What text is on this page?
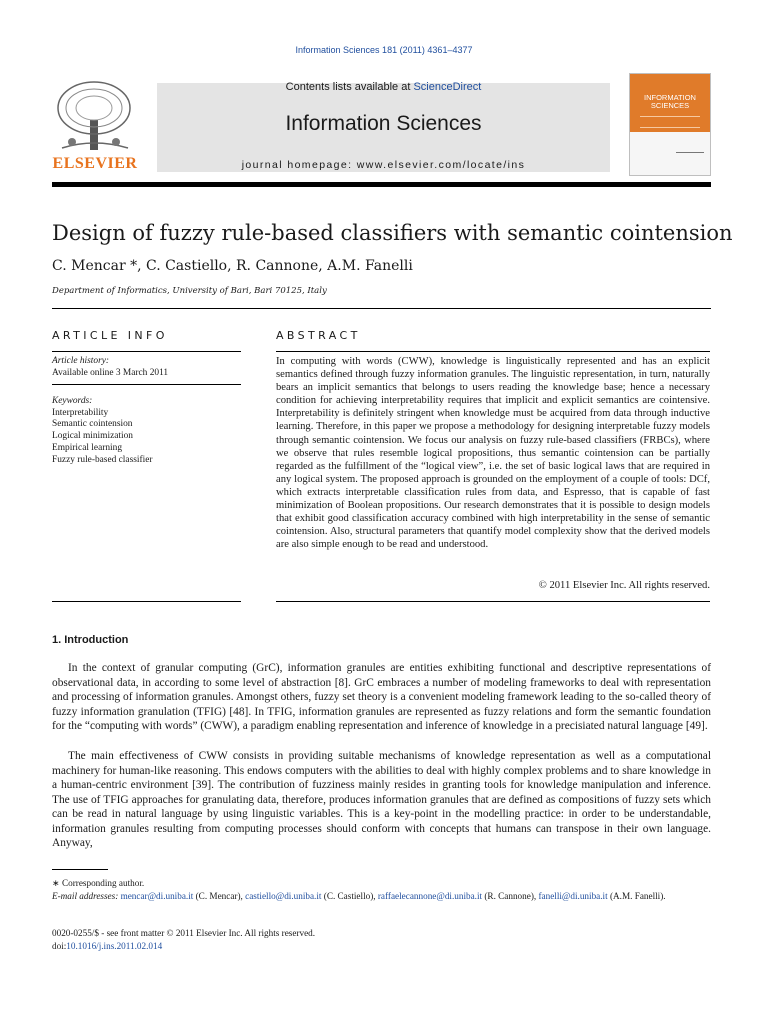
Information Sciences 181 (2011) 4361–4377
ELSEVIER
Contents lists available at ScienceDirect
Information Sciences
journal homepage: www.elsevier.com/locate/ins
INFORMATION SCIENCES
Design of fuzzy rule-based classifiers with semantic cointension
C. Mencar *, C. Castiello, R. Cannone, A.M. Fanelli
Department of Informatics, University of Bari, Bari 70125, Italy
ARTICLE INFO
Article history:
Available online 3 March 2011
Keywords:
Interpretability
Semantic cointension
Logical minimization
Empirical learning
Fuzzy rule-based classifier
ABSTRACT
In computing with words (CWW), knowledge is linguistically represented and has an explicit semantics defined through fuzzy information granules. The linguistic representation, in turn, naturally bears an implicit semantics that belongs to users reading the knowledge base; hence a necessary condition for achieving interpretability requires that implicit and explicit semantics are cointensive. Interpretability is definitely stringent when knowledge must be acquired from data through inductive learning. Therefore, in this paper we propose a methodology for designing interpretable fuzzy models through semantic cointension. We focus our analysis on fuzzy rule-based classifiers (FRBCs), where we observe that rules resemble logical propositions, thus semantic cointension can be partially regarded as the fulfillment of the “logical view”, i.e. the set of basic logical laws that are required in any logical system. The proposed approach is grounded on the employment of a couple of tools: DCf, which extracts interpretable classification rules from data, and Espresso, that is capable of fast minimization of Boolean propositions. Our research demonstrates that it is possible to design models that exhibit good classification accuracy combined with high interpretability in the sense of semantic cointension. Also, structural parameters that quantify model complexity show that the derived models are also simple enough to be read and understood.
© 2011 Elsevier Inc. All rights reserved.
1. Introduction
In the context of granular computing (GrC), information granules are entities exhibiting functional and descriptive representations of observational data, in according to some level of abstraction [8]. GrC embraces a number of modeling frameworks to deal with representation and processing of information granules. Amongst others, fuzzy set theory is a convenient modeling framework leading to the so-called theory of fuzzy information granulation (TFIG) [48]. In TFIG, information granules are represented as fuzzy relations and form the semantic foundation for the “computing with words” (CWW), a paradigm enabling representation and inference of knowledge in a precisiated natural language [49].
The main effectiveness of CWW consists in providing suitable mechanisms of knowledge representation as well as a computational machinery for human-like reasoning. This endows computers with the abilities to deal with highly complex problems and to share knowledge in a human-centric environment [39]. The contribution of fuzziness mainly resides in granting tools for knowledge manipulation and inference. The use of TFIG approaches for granulating data, therefore, produces information granules that are defined as compositions of fuzzy sets which can be read in natural language by using linguistic variables. This is a key-point in the modelling practice: in order to be understandable, information granules resulting from computing processes should conform with concepts that humans can transpose in their own language. Anyway,
∗ Corresponding author.
E-mail addresses: mencar@di.uniba.it (C. Mencar), castiello@di.uniba.it (C. Castiello), raffaelecannone@di.uniba.it (R. Cannone), fanelli@di.uniba.it (A.M. Fanelli).
0020-0255/$ - see front matter © 2011 Elsevier Inc. All rights reserved.
doi:10.1016/j.ins.2011.02.014
